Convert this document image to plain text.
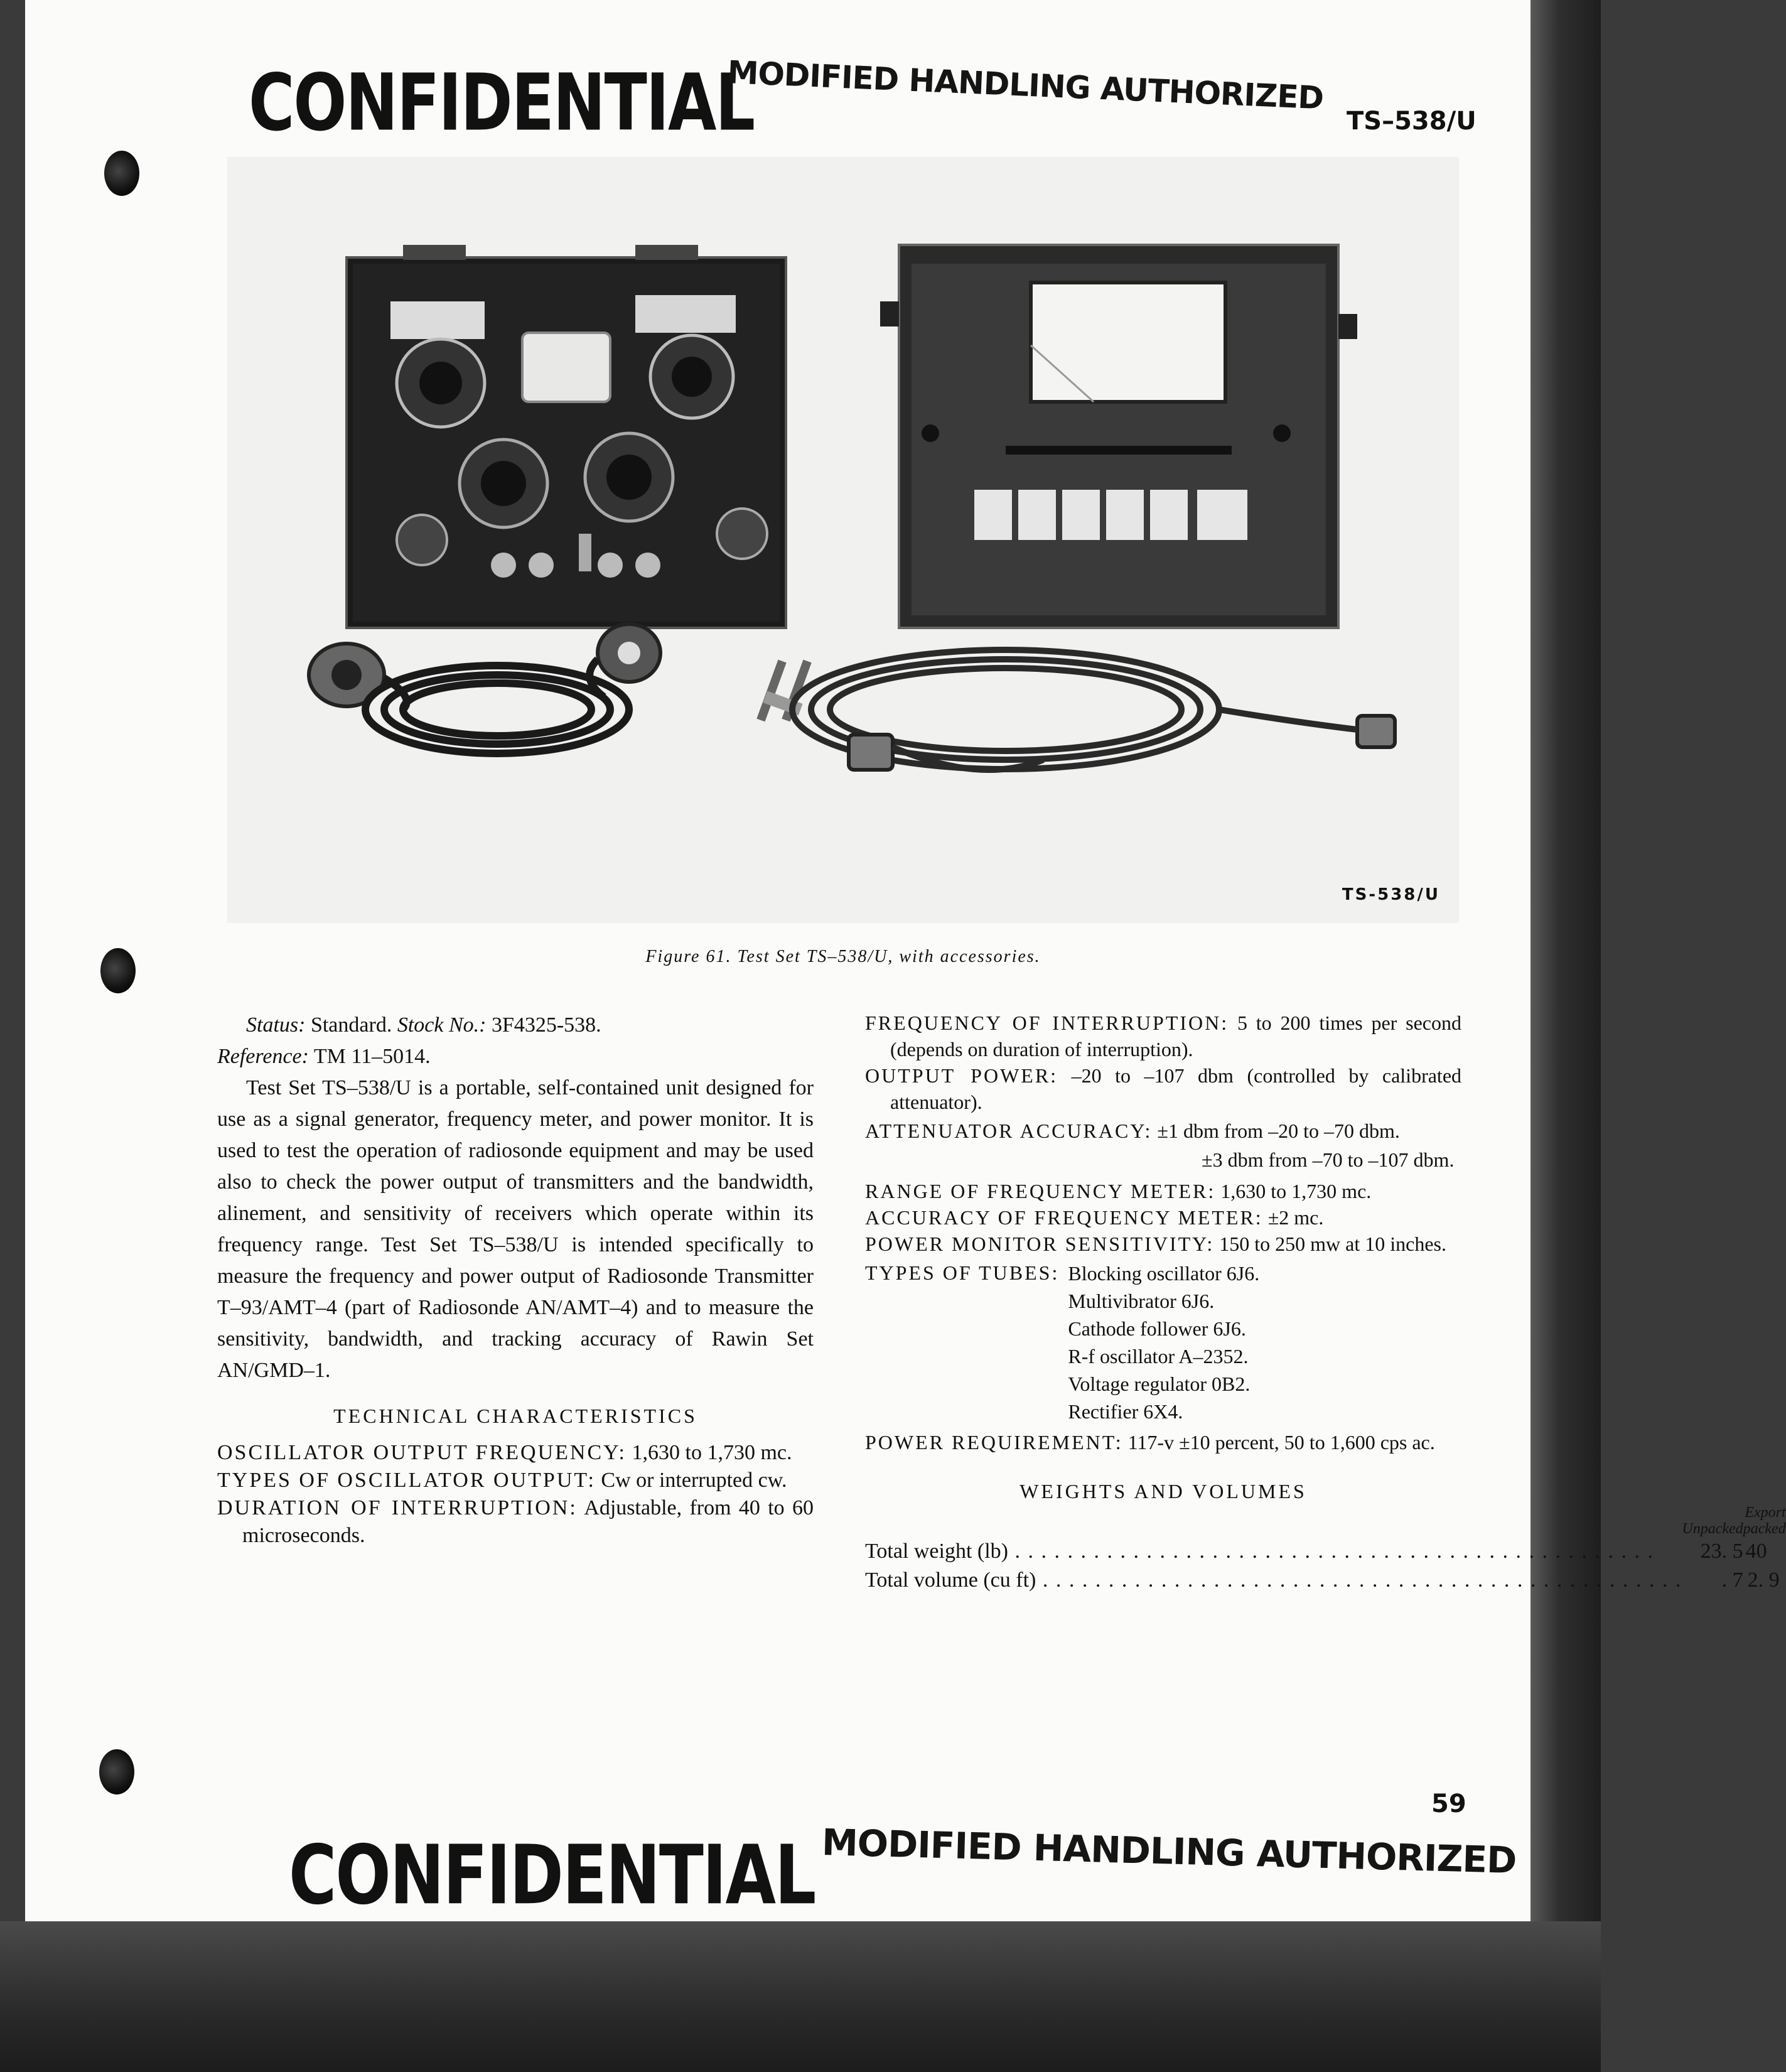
CONFIDENTIAL
MODIFIED HANDLING AUTHORIZED
TS–538/U
TS-538/U
Figure 61. Test Set TS–538/U, with accessories.

Status: Standard. Stock No.: 3F4325-538.

Reference: TM 11–5014.

Test Set TS–538/U is a portable, self-contained unit designed for use as a signal generator, frequency meter, and power monitor. It is used to test the operation of radiosonde equipment and may be used also to check the power output of transmitters and the bandwidth, alinement, and sensitivity of receivers which operate within its frequency range. Test Set TS–538/U is intended specifically to measure the frequency and power output of Radiosonde Transmitter T–93/AMT–4 (part of Radiosonde AN/AMT–4) and to measure the sensitivity, bandwidth, and tracking accuracy of Rawin Set AN/GMD–1.

TECHNICAL CHARACTERISTICS

OSCILLATOR OUTPUT FREQUENCY: 1,630 to 1,730 mc.

TYPES OF OSCILLATOR OUTPUT: Cw or interrupted cw.

DURATION OF INTERRUPTION: Adjustable, from 40 to 60 microseconds.

FREQUENCY OF INTERRUPTION: 5 to 200 times per second (depends on duration of interruption).

OUTPUT POWER: –20 to –107 dbm (controlled by calibrated attenuator).

ATTENUATOR ACCURACY: ±1 dbm from –20 to –70 dbm.

±3 dbm from –70 to –107 dbm.

RANGE OF FREQUENCY METER: 1,630 to 1,730 mc.

ACCURACY OF FREQUENCY METER: ±2 mc.

POWER MONITOR SENSITIVITY: 150 to 250 mw at 10 inches.

TYPES OF TUBES: Blocking oscillator 6J6.
Multivibrator 6J6.
Cathode follower 6J6.
R-f oscillator A–2352.
Voltage regulator 0B2.
Rectifier 6X4.

POWER REQUIREMENT: 117-v ±10 percent, 50 to 1,600 cps ac.

WEIGHTS AND VOLUMES

	Unpacked	Export
packed

Total weight (lb) . . .	23. 5	40
Total volume (cu ft) . . .	. 7	2. 9
59
MODIFIED HANDLING AUTHORIZED
CONFIDENTIAL
